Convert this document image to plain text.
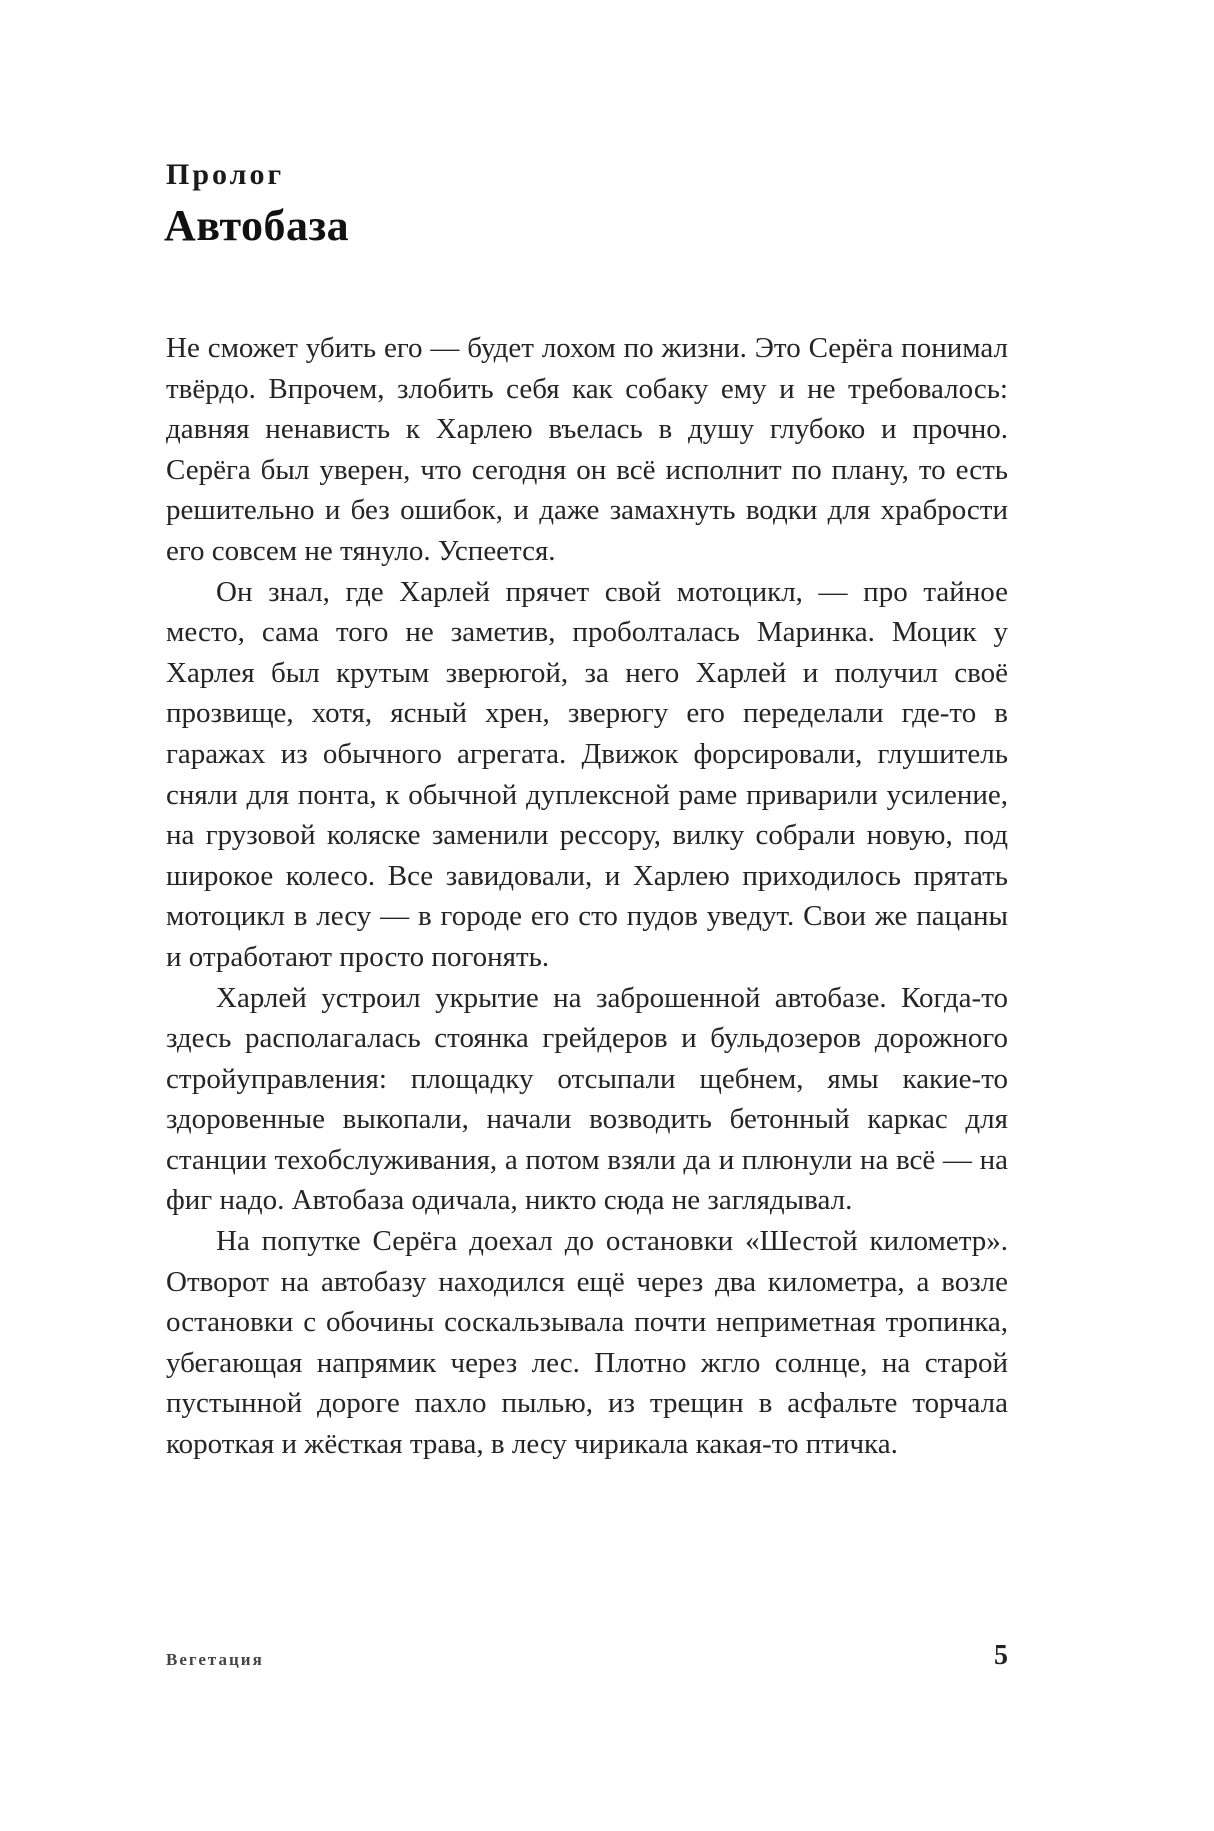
Пролог
Автобаза

Не сможет убить его — будет лохом по жизни. Это Серёга понимал твёрдо. Впрочем, злобить себя как собаку ему и не требовалось: давняя ненависть к Харлею въелась в душу глубоко и прочно. Серёга был уверен, что сегодня он всё исполнит по плану, то есть решительно и без ошибок, и даже замахнуть водки для храбрости его совсем не тянуло. Успеется.

Он знал, где Харлей прячет свой мотоцикл, — про тайное место, сама того не заметив, проболталась Маринка. Моцик у Харлея был крутым зверюгой, за него Харлей и получил своё прозвище, хотя, ясный хрен, зверюгу его переделали где-то в гаражах из обычного агрегата. Движок форсировали, глушитель сняли для понта, к обычной дуплексной раме приварили усиление, на грузовой коляске заменили рессору, вилку собрали новую, под широкое колесо. Все завидовали, и Харлею приходилось прятать мотоцикл в лесу — в городе его сто пудов уведут. Свои же пацаны и отработают просто погонять.

Харлей устроил укрытие на заброшенной автобазе. Когда-то здесь располагалась стоянка грейдеров и бульдозеров дорожного стройуправления: площадку отсыпали щебнем, ямы какие-то здоровенные выкопали, начали возводить бетонный каркас для станции техобслуживания, а потом взяли да и плюнули на всё — на фиг надо. Автобаза одичала, никто сюда не заглядывал.

На попутке Серёга доехал до остановки «Шестой километр». Отворот на автобазу находился ещё через два километра, а возле остановки с обочины соскальзывала почти неприметная тропинка, убегающая напрямик через лес. Плотно жгло солнце, на старой пустынной дороге пахло пылью, из трещин в асфальте торчала короткая и жёсткая трава, в лесу чирикала какая-то птичка.

Вегетация	5
